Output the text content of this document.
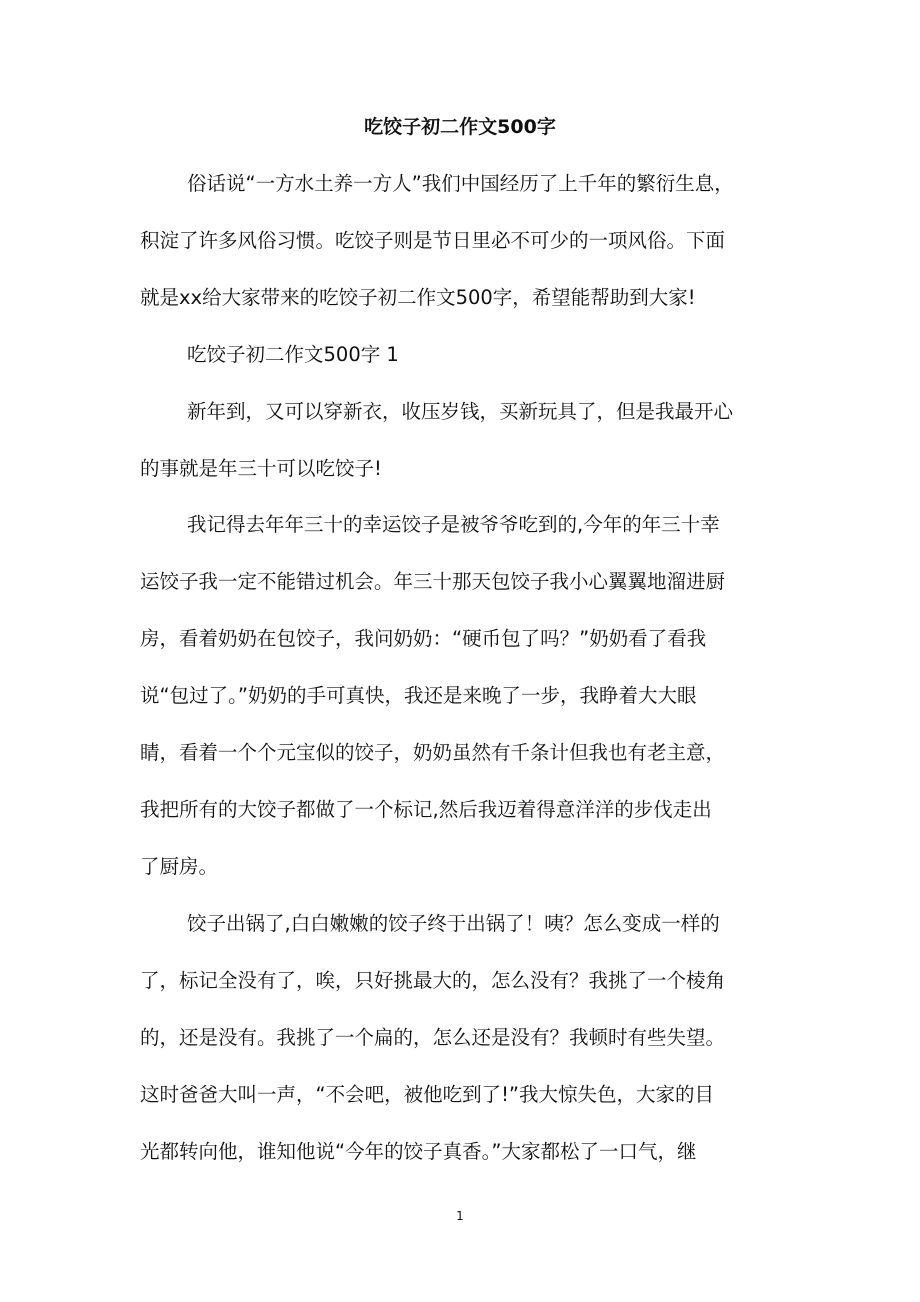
吃饺子初二作文500字
俗话说“一方水土养一方人”我们中国经历了上千年的繁衍生息，
积淀了许多风俗习惯。吃饺子则是节日里必不可少的一项风俗。下面
就是xx给大家带来的吃饺子初二作文500字，希望能帮助到大家!
吃饺子初二作文500字 1
新年到，又可以穿新衣，收压岁钱，买新玩具了，但是我最开心
的事就是年三十可以吃饺子!
我记得去年年三十的幸运饺子是被爷爷吃到的,今年的年三十幸
运饺子我一定不能错过机会。年三十那天包饺子我小心翼翼地溜进厨
房，看着奶奶在包饺子，我问奶奶：“硬币包了吗？”奶奶看了看我
说“包过了。”奶奶的手可真快，我还是来晚了一步，我睁着大大眼
睛，看着一个个元宝似的饺子，奶奶虽然有千条计但我也有老主意，
我把所有的大饺子都做了一个标记,然后我迈着得意洋洋的步伐走出
了厨房。
饺子出锅了,白白嫩嫩的饺子终于出锅了！咦？怎么变成一样的
了，标记全没有了，唉，只好挑最大的，怎么没有？我挑了一个棱角
的，还是没有。我挑了一个扁的，怎么还是没有？我顿时有些失望。
这时爸爸大叫一声，“不会吧，被他吃到了!”我大惊失色，大家的目
光都转向他，谁知他说“今年的饺子真香。”大家都松了一口气，继
1
